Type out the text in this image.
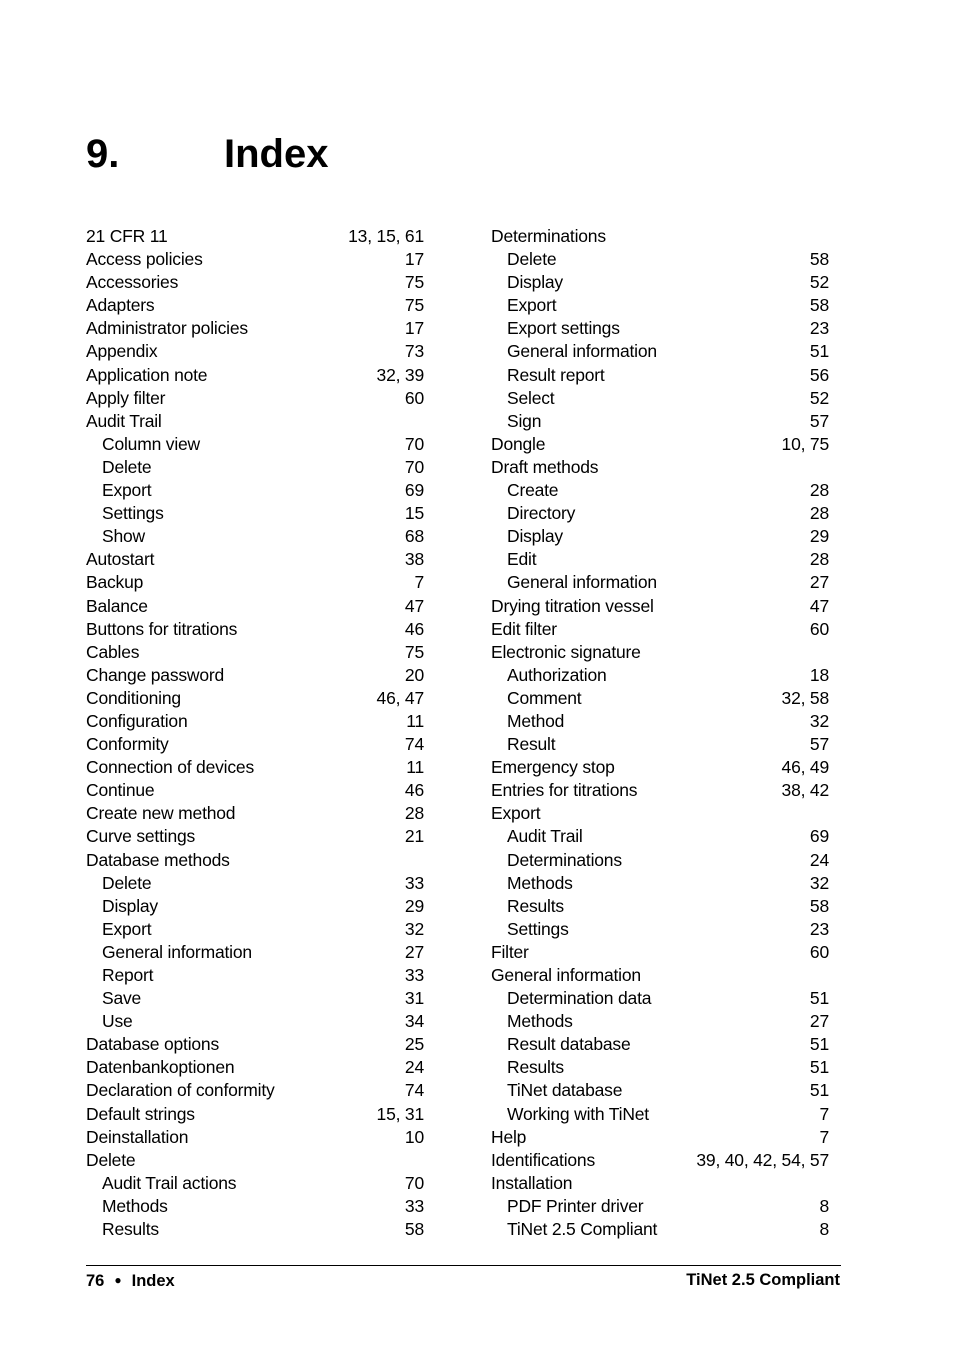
9.	Index
21 CFR 11	13, 15, 61
Access policies	17
Accessories	75
Adapters	75
Administrator policies	17
Appendix	73
Application note	32, 39
Apply filter	60
Audit Trail
Column view	70
Delete	70
Export	69
Settings	15
Show	68
Autostart	38
Backup	7
Balance	47
Buttons for titrations	46
Cables	75
Change password	20
Conditioning	46, 47
Configuration	11
Conformity	74
Connection of devices	11
Continue	46
Create new method	28
Curve settings	21
Database methods
Delete	33
Display	29
Export	32
General information	27
Report	33
Save	31
Use	34
Database options	25
Datenbankoptionen	24
Declaration of conformity	74
Default strings	15, 31
Deinstallation	10
Delete
Audit Trail actions	70
Methods	33
Results	58
Determinations
Delete	58
Display	52
Export	58
Export settings	23
General information	51
Result report	56
Select	52
Sign	57
Dongle	10, 75
Draft methods
Create	28
Directory	28
Display	29
Edit	28
General information	27
Drying titration vessel	47
Edit filter	60
Electronic signature
Authorization	18
Comment	32, 58
Method	32
Result	57
Emergency stop	46, 49
Entries for titrations	38, 42
Export
Audit Trail	69
Determinations	24
Methods	32
Results	58
Settings	23
Filter	60
General information
Determination data	51
Methods	27
Result database	51
Results	51
TiNet database	51
Working with TiNet	7
Help	7
Identifications	39, 40, 42, 54, 57
Installation
PDF Printer driver	8
TiNet 2.5 Compliant	8
76 ● Index	TiNet 2.5 Compliant
